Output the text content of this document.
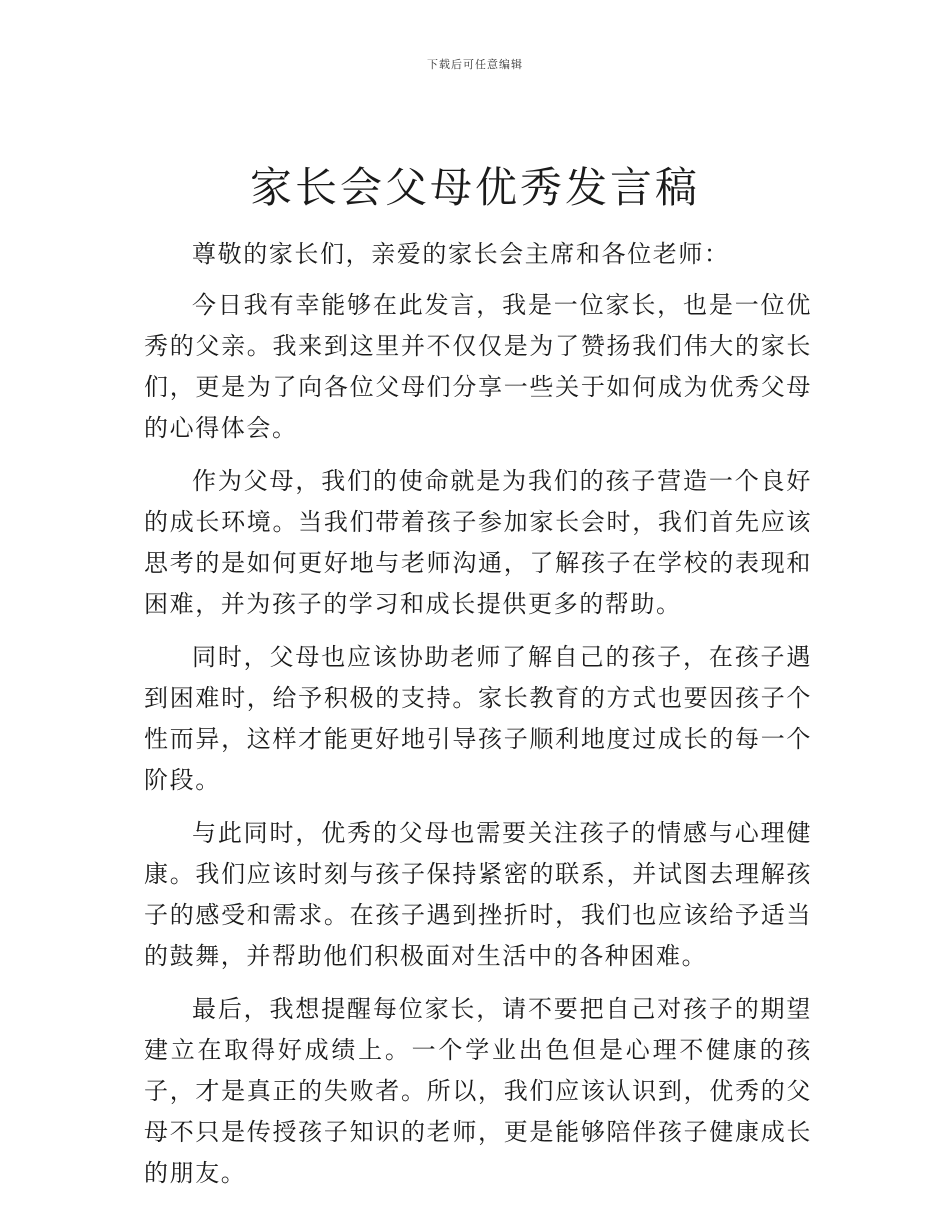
下载后可任意编辑
家长会父母优秀发言稿

尊敬的家长们，亲爱的家长会主席和各位老师：

今日我有幸能够在此发言，我是一位家长，也是一位优秀的父亲。我来到这里并不仅仅是为了赞扬我们伟大的家长们，更是为了向各位父母们分享一些关于如何成为优秀父母的心得体会。

作为父母，我们的使命就是为我们的孩子营造一个良好的成长环境。当我们带着孩子参加家长会时，我们首先应该思考的是如何更好地与老师沟通，了解孩子在学校的表现和困难，并为孩子的学习和成长提供更多的帮助。

同时，父母也应该协助老师了解自己的孩子，在孩子遇到困难时，给予积极的支持。家长教育的方式也要因孩子个性而异，这样才能更好地引导孩子顺利地度过成长的每一个阶段。

与此同时，优秀的父母也需要关注孩子的情感与心理健康。我们应该时刻与孩子保持紧密的联系，并试图去理解孩子的感受和需求。在孩子遇到挫折时，我们也应该给予适当的鼓舞，并帮助他们积极面对生活中的各种困难。

最后，我想提醒每位家长，请不要把自己对孩子的期望建立在取得好成绩上。一个学业出色但是心理不健康的孩子，才是真正的失败者。所以，我们应该认识到，优秀的父母不只是传授孩子知识的老师，更是能够陪伴孩子健康成长的朋友。
